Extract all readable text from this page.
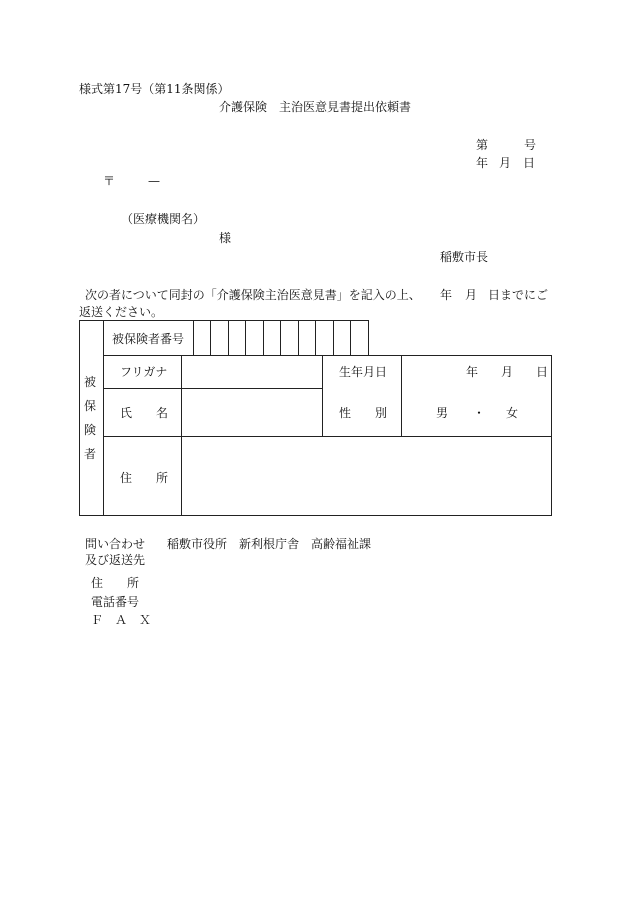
様式第17号（第11条関係）
介護保険　主治医意見書提出依頼書
第	号
年 月 日
〒	—
（医療機関名）
様
稲敷市長
次の者について同封の「介護保険主治医意見書」を記入の上、 年 月 日までにご
返送ください。
被
保
険
者
被保険者番号
フリガナ	生年月日	年 月 日
氏　　名	性　　別	男 ・ 女
住　　所
問い合わせ
及び返送先
稲敷市役所　新利根庁舎　高齢福祉課
住　　所
電話番号
Ｆ　Ａ　Ｘ
